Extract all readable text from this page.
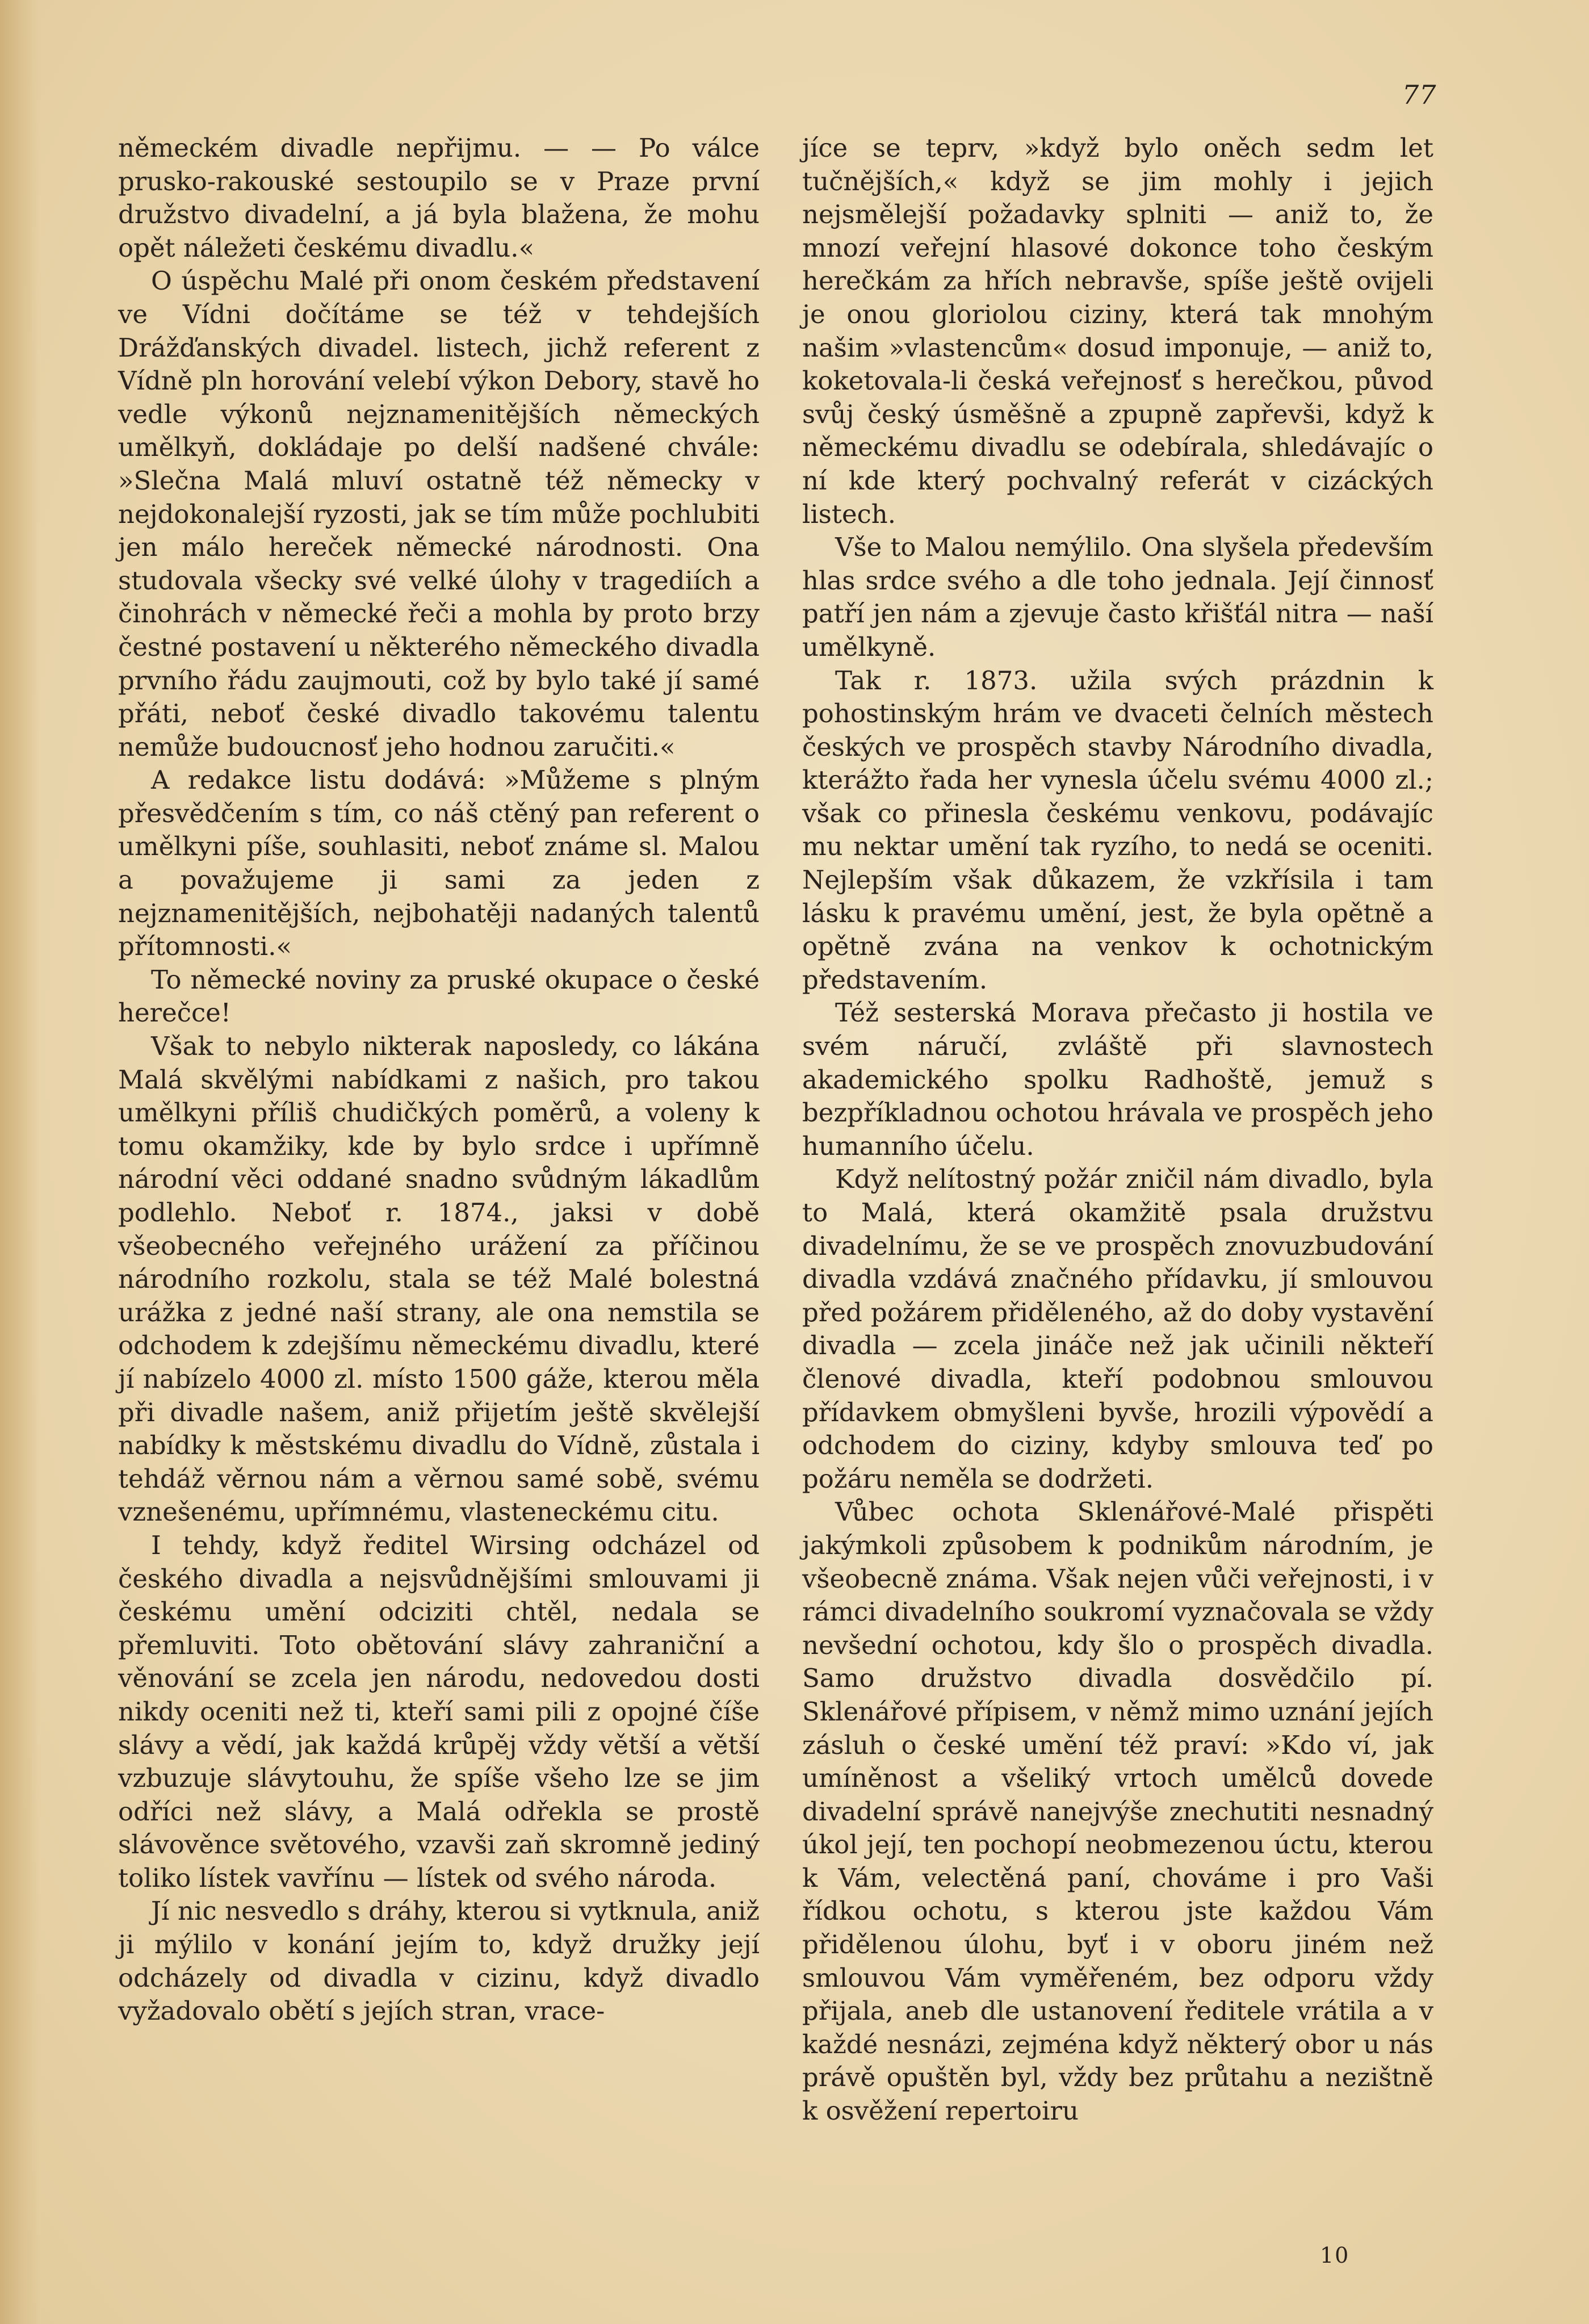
77

německém divadle nepřijmu. — — Po válce prusko-rakouské sestoupilo se v Praze první družstvo divadelní, a já byla blažena, že mohu opět náležeti českému divadlu.«

O úspěchu Malé při onom českém představení ve Vídni dočítáme se též v tehdejších Drážďanských divadel. listech, jichž referent z Vídně pln horování velebí výkon Debory, stavě ho vedle výkonů nejznamenitějších německých umělkyň, dokládaje po delší nadšené chvále: »Slečna Malá mluví ostatně též německy v nejdokonalejší ryzosti, jak se tím může pochlubiti jen málo hereček německé národnosti. Ona studovala všecky své velké úlohy v tragediích a činohrách v německé řeči a mohla by proto brzy čestné postavení u některého německého divadla prvního řádu zaujmouti, což by bylo také jí samé přáti, neboť české divadlo takovému talentu nemůže budoucnosť jeho hodnou zaručiti.«

A redakce listu dodává: »Můžeme s plným přesvědčením s tím, co náš ctěný pan referent o umělkyni píše, souhlasiti, neboť známe sl. Malou a považujeme ji sami za jeden z nejznamenitějších, nejbohatěji nadaných talentů přítomnosti.«

To německé noviny za pruské okupace o české herečce!

Však to nebylo nikterak naposledy, co lákána Malá skvělými nabídkami z našich, pro takou umělkyni příliš chudičkých poměrů, a voleny k tomu okamžiky, kde by bylo srdce i upřímně národní věci oddané snadno svůdným lákadlům podlehlo. Neboť r. 1874., jaksi v době všeobecného veřejného urážení za příčinou národního rozkolu, stala se též Malé bolestná urážka z jedné naší strany, ale ona nemstila se odchodem k zdejšímu německému divadlu, které jí nabízelo 4000 zl. místo 1500 gáže, kterou měla při divadle našem, aniž přijetím ještě skvělejší nabídky k městskému divadlu do Vídně, zůstala i tehdáž věrnou nám a věrnou samé sobě, svému vznešenému, upřímnému, vlasteneckému citu.

I tehdy, když ředitel Wirsing odcházel od českého divadla a nejsvůdnějšími smlouvami ji českému umění odciziti chtěl, nedala se přemluviti. Toto obětování slávy zahraniční a věnování se zcela jen národu, nedovedou dosti nikdy oceniti než ti, kteří sami pili z opojné číše slávy a vědí, jak každá krůpěj vždy větší a větší vzbuzuje slávytouhu, že spíše všeho lze se jim odříci než slávy, a Malá odřekla se prostě slávověnce světového, vzavši zaň skromně jediný toliko lístek vavřínu — lístek od svého národa.

Jí nic nesvedlo s dráhy, kterou si vytknula, aniž ji mýlilo v konání jejím to, když družky její odcházely od divadla v cizinu, když divadlo vyžadovalo obětí s jejích stran, vrace-

jíce se teprv, »když bylo oněch sedm let tučnějších,« když se jim mohly i jejich nejsmělejší požadavky splniti — aniž to, že mnozí veřejní hlasové dokonce toho českým herečkám za hřích nebravše, spíše ještě ovijeli je onou gloriolou ciziny, která tak mnohým našim »vlastencům« dosud imponuje, — aniž to, koketovala-li česká veřejnosť s herečkou, původ svůj český úsměšně a zpupně zapřevši, když k německému divadlu se odebírala, shledávajíc o ní kde který pochvalný referát v cizáckých listech.

Vše to Malou nemýlilo. Ona slyšela především hlas srdce svého a dle toho jednala. Její činnosť patří jen nám a zjevuje často křišťál nitra — naší umělkyně.

Tak r. 1873. užila svých prázdnin k pohostinským hrám ve dvaceti čelních městech českých ve prospěch stavby Národního divadla, kterážto řada her vynesla účelu svému 4000 zl.; však co přinesla českému venkovu, podávajíc mu nektar umění tak ryzího, to nedá se oceniti. Nejlepším však důkazem, že vzkřísila i tam lásku k pravému umění, jest, že byla opětně a opětně zvána na venkov k ochotnickým představením.

Též sesterská Morava přečasto ji hostila ve svém náručí, zvláště při slavnostech akademického spolku Radhoště, jemuž s bezpříkladnou ochotou hrávala ve prospěch jeho humanního účelu.

Když nelítostný požár zničil nám divadlo, byla to Malá, která okamžitě psala družstvu divadelnímu, že se ve prospěch znovuzbudování divadla vzdává značného přídavku, jí smlouvou před požárem přiděleného, až do doby vystavění divadla — zcela jináče než jak učinili někteří členové divadla, kteří podobnou smlouvou přídavkem obmyšleni byvše, hrozili výpovědí a odchodem do ciziny, kdyby smlouva teď po požáru neměla se dodržeti.

Vůbec ochota Sklenářové-Malé přispěti jakýmkoli způsobem k podnikům národním, je všeobecně známa. Však nejen vůči veřejnosti, i v rámci divadelního soukromí vyznačovala se vždy nevšední ochotou, kdy šlo o prospěch divadla. Samo družstvo divadla dosvědčilo pí. Sklenářové přípisem, v němž mimo uznání jejích zásluh o české umění též praví: »Kdo ví, jak umíněnost a všeliký vrtoch umělců dovede divadelní správě nanejvýše znechutiti nesnadný úkol její, ten pochopí neobmezenou úctu, kterou k Vám, velectěná paní, chováme i pro Vaši řídkou ochotu, s kterou jste každou Vám přidělenou úlohu, byť i v oboru jiném než smlouvou Vám vyměřeném, bez odporu vždy přijala, aneb dle ustanovení ředitele vrátila a v každé nesnázi, zejména když některý obor u nás právě opuštěn byl, vždy bez průtahu a nezištně k osvěžení repertoiru

10
